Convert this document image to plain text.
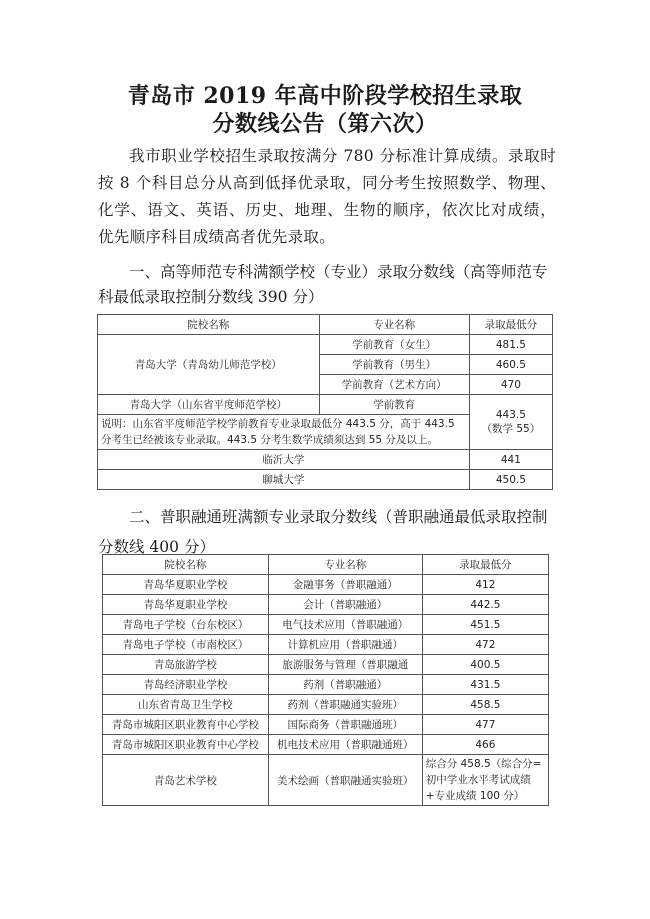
青岛市 2019 年高中阶段学校招生录取
分数线公告（第六次）
我市职业学校招生录取按满分 780 分标准计算成绩。录取时按 8 个科目总分从高到低择优录取，同分考生按照数学、物理、化学、语文、英语、历史、地理、生物的顺序，依次比对成绩，优先顺序科目成绩高者优先录取。
一、高等师范专科满额学校（专业）录取分数线（高等师范专科最低录取控制分数线 390 分）
院校名称	专业名称	录取最低分
青岛大学（青岛幼儿师范学校）	学前教育（女生）	481.5
	学前教育（男生）	460.5
	学前教育（艺术方向）	470
青岛大学（山东省平度师范学校）	学前教育	443.5
（数学 55）

说明：山东省平度师范学校学前教育专业录取最低分 443.5 分，高于 443.5 分考生已经被该专业录取。443.5 分考生数学成绩须达到 55 分及以上。		
临沂大学		441
聊城大学		450.5
二、普职融通班满额专业录取分数线（普职融通最低录取控制分数线 400 分）
院校名称	专业名称	录取最低分
青岛华夏职业学校	金融事务（普职融通）	412
青岛华夏职业学校	会计（普职融通）	442.5
青岛电子学校（台东校区）	电气技术应用（普职融通）	451.5
青岛电子学校（市南校区）	计算机应用（普职融通）	472
青岛旅游学校	旅游服务与管理（普职融通	400.5
青岛经济职业学校	药剂（普职融通）	431.5
山东省青岛卫生学校	药剂（普职融通实验班）	458.5
青岛市城阳区职业教育中心学校	国际商务（普职融通班）	477
青岛市城阳区职业教育中心学校	机电技术应用（普职融通班）	466
青岛艺术学校	美术绘画（普职融通实验班）	综合分 458.5（综合分=初中学业水平考试成绩+专业成绩 100 分）
